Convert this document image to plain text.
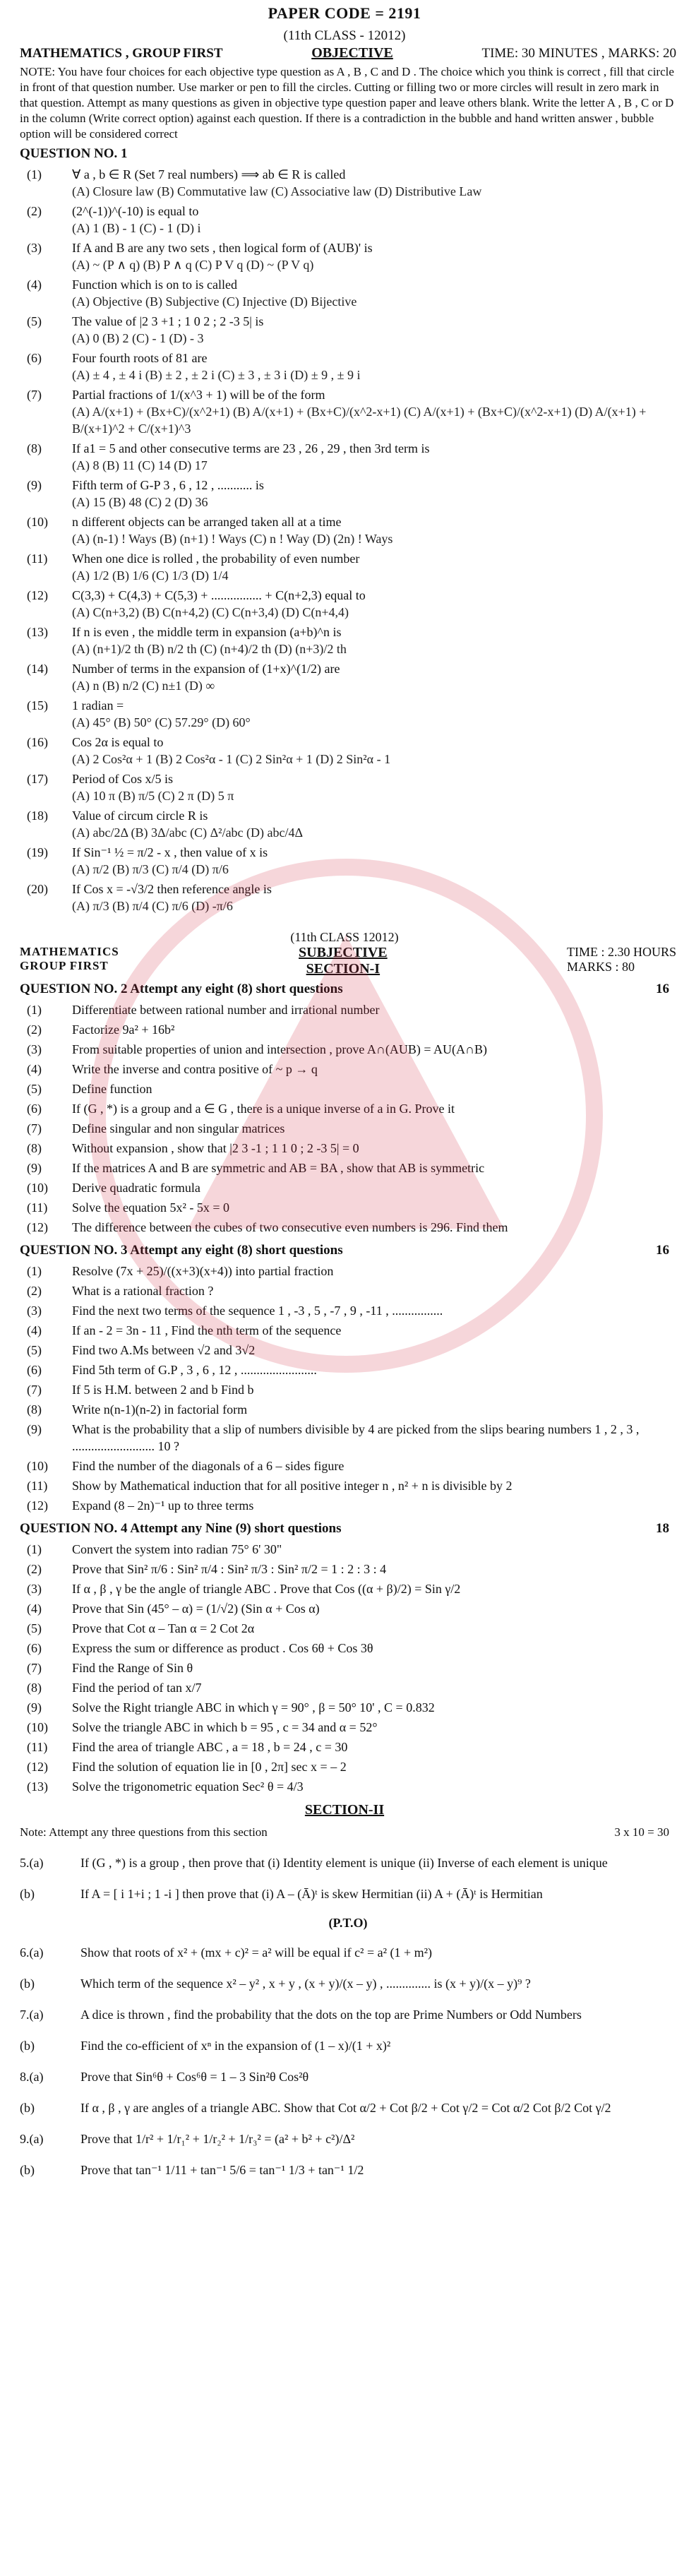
PAPER CODE = 2191
(11th CLASS - 12012)
MATHEMATICS , GROUP FIRST	OBJECTIVE	TIME: 30 MINUTES , MARKS: 20
NOTE: You have four choices for each objective type question as A , B , C and D . The choice which you think is correct , fill that circle in front of that question number. Use marker or pen to fill the circles. Cutting or filling two or more circles will result in zero mark in that question. Attempt as many questions as given in objective type question paper and leave others blank. Write the letter A , B , C or D in the column (Write correct option) against each question. If there is a contradiction in the bubble and hand written answer , bubble option will be considered correct
QUESTION NO. 1
(1)	∀ a , b ∈ R (Set 7 real numbers) ⟹ ab ∈ R is called
(A) Closure law (B) Commutative law (C) Associative law (D) Distributive Law
(2)	(2^(-1))^(-10) is equal to
(A) 1 (B) - 1 (C) - 1 (D) i
(3)	If A and B are any two sets , then logical form of (AUB)' is
(A) ~ (P ∧ q) (B) P ∧ q (C) P V q (D) ~ (P V q)
(4)	Function which is on to is called
(A) Objective (B) Subjective (C) Injective (D) Bijective
(5)	The value of |2 3 +1 ; 1 0 2 ; 2 -3 5| is
(A) 0 (B) 2 (C) - 1 (D) - 3
(6)	Four fourth roots of 81 are
(A) ± 4 , ± 4 i (B) ± 2 , ± 2 i (C) ± 3 , ± 3 i (D) ± 9 , ± 9 i
(7)	Partial fractions of 1/(x^3 + 1) will be of the form
(A) A/(x+1) + (Bx+C)/(x^2+1) (B) A/(x+1) + (Bx+C)/(x^2-x+1) (C) A/(x+1) + (Bx+C)/(x^2-x+1) (D) A/(x+1) + B/(x+1)^2 + C/(x+1)^3
(8)	If a1 = 5 and other consecutive terms are 23 , 26 , 29 , then 3rd term is
(A) 8 (B) 11 (C) 14 (D) 17
(9)	Fifth term of G-P 3 , 6 , 12 , ........... is
(A) 15 (B) 48 (C) 2 (D) 36
(10)	n different objects can be arranged taken all at a time
(A) (n-1) ! Ways (B) (n+1) ! Ways (C) n ! Way (D) (2n) ! Ways
(11)	When one dice is rolled , the probability of even number
(A) 1/2 (B) 1/6 (C) 1/3 (D) 1/4
(12)	C(3,3) + C(4,3) + C(5,3) + ................ + C(n+2,3) equal to
(A) C(n+3,2) (B) C(n+4,2) (C) C(n+3,4) (D) C(n+4,4)
(13)	If n is even , the middle term in expansion (a+b)^n is
(A) (n+1)/2 th (B) n/2 th (C) (n+4)/2 th (D) (n+3)/2 th
(14)	Number of terms in the expansion of (1+x)^(1/2) are
(A) n (B) n/2 (C) n±1 (D) ∞
(15)	1 radian =
(A) 45° (B) 50° (C) 57.29° (D) 60°
(16)	Cos 2α is equal to
(A) 2 Cos²α + 1 (B) 2 Cos²α - 1 (C) 2 Sin²α + 1 (D) 2 Sin²α - 1
(17)	Period of Cos x/5 is
(A) 10 π (B) π/5 (C) 2 π (D) 5 π
(18)	Value of circum circle R is
(A) abc/2Δ (B) 3Δ/abc (C) Δ²/abc (D) abc/4Δ
(19)	If Sin⁻¹ ½ = π/2 - x , then value of x is
(A) π/2 (B) π/3 (C) π/4 (D) π/6
(20)	If Cos x = -√3/2 then reference angle is
(A) π/3 (B) π/4 (C) π/6 (D) -π/6
(11th CLASS 12012)
MATHEMATICS
GROUP FIRST
SUBJECTIVE
SECTION-I
TIME : 2.30 HOURS
MARKS : 80
QUESTION NO. 2 Attempt any eight (8) short questions	16
(1)	Differentiate between rational number and irrational number
(2)	Factorize 9a² + 16b²
(3)	From suitable properties of union and intersection , prove A∩(AUB) = AU(A∩B)
(4)	Write the inverse and contra positive of ~ p → q
(5)	Define function
(6)	If (G , *) is a group and a ∈ G , there is a unique inverse of a in G. Prove it
(7)	Define singular and non singular matrices
(8)	Without expansion , show that |2 3 -1 ; 1 1 0 ; 2 -3 5| = 0
(9)	If the matrices A and B are symmetric and AB = BA , show that AB is symmetric
(10)	Derive quadratic formula
(11)	Solve the equation 5x² - 5x = 0
(12)	The difference between the cubes of two consecutive even numbers is 296. Find them
QUESTION NO. 3 Attempt any eight (8) short questions	16
(1)	Resolve (7x + 25)/((x+3)(x+4)) into partial fraction
(2)	What is a rational fraction ?
(3)	Find the next two terms of the sequence 1 , -3 , 5 , -7 , 9 , -11 , ................
(4)	If an - 2 = 3n - 11 , Find the nth term of the sequence
(5)	Find two A.Ms between √2 and 3√2
(6)	Find 5th term of G.P , 3 , 6 , 12 , ........................
(7)	If 5 is H.M. between 2 and b Find b
(8)	Write n(n-1)(n-2) in factorial form
(9)	What is the probability that a slip of numbers divisible by 4 are picked from the slips bearing numbers 1 , 2 , 3 , .......................... 10 ?
(10)	Find the number of the diagonals of a 6 – sides figure
(11)	Show by Mathematical induction that for all positive integer n , n² + n is divisible by 2
(12)	Expand (8 – 2n)⁻¹ up to three terms
QUESTION NO. 4 Attempt any Nine (9) short questions	18
(1)	Convert the system into radian 75° 6' 30"
(2)	Prove that Sin² π/6 : Sin² π/4 : Sin² π/3 : Sin² π/2 = 1 : 2 : 3 : 4
(3)	If α , β , γ be the angle of triangle ABC . Prove that Cos ((α + β)/2) = Sin γ/2
(4)	Prove that Sin (45° – α) = (1/√2) (Sin α + Cos α)
(5)	Prove that Cot α – Tan α = 2 Cot 2α
(6)	Express the sum or difference as product . Cos 6θ + Cos 3θ
(7)	Find the Range of Sin θ
(8)	Find the period of tan x/7
(9)	Solve the Right triangle ABC in which γ = 90° , β = 50° 10' , C = 0.832
(10)	Solve the triangle ABC in which b = 95 , c = 34 and α = 52°
(11)	Find the area of triangle ABC , a = 18 , b = 24 , c = 30
(12)	Find the solution of equation lie in [0 , 2π] sec x = – 2
(13)	Solve the trigonometric equation Sec² θ = 4/3
SECTION-II
Note: Attempt any three questions from this section	3 x 10 = 30
5.(a)	If (G , *) is a group , then prove that (i) Identity element is unique (ii) Inverse of each element is unique
(b)	If A = [ i 1+i ; 1 -i ] then prove that (i) A – (Ā)ᵗ is skew Hermitian (ii) A + (Ā)ᵗ is Hermitian
(P.T.O)
6.(a)	Show that roots of x² + (mx + c)² = a² will be equal if c² = a² (1 + m²)
(b)	Which term of the sequence x² – y² , x + y , (x + y)/(x – y) , .............. is (x + y)/(x – y)⁹ ?
7.(a)	A dice is thrown , find the probability that the dots on the top are Prime Numbers or Odd Numbers
(b)	Find the co-efficient of xⁿ in the expansion of (1 – x)/(1 + x)²
8.(a)	Prove that Sin⁶θ + Cos⁶θ = 1 – 3 Sin²θ Cos²θ
(b)	If α , β , γ are angles of a triangle ABC. Show that Cot α/2 + Cot β/2 + Cot γ/2 = Cot α/2 Cot β/2 Cot γ/2
9.(a)	Prove that 1/r² + 1/r₁² + 1/r₂² + 1/r₃² = (a² + b² + c²)/Δ²
(b)	Prove that tan⁻¹ 1/11 + tan⁻¹ 5/6 = tan⁻¹ 1/3 + tan⁻¹ 1/2
